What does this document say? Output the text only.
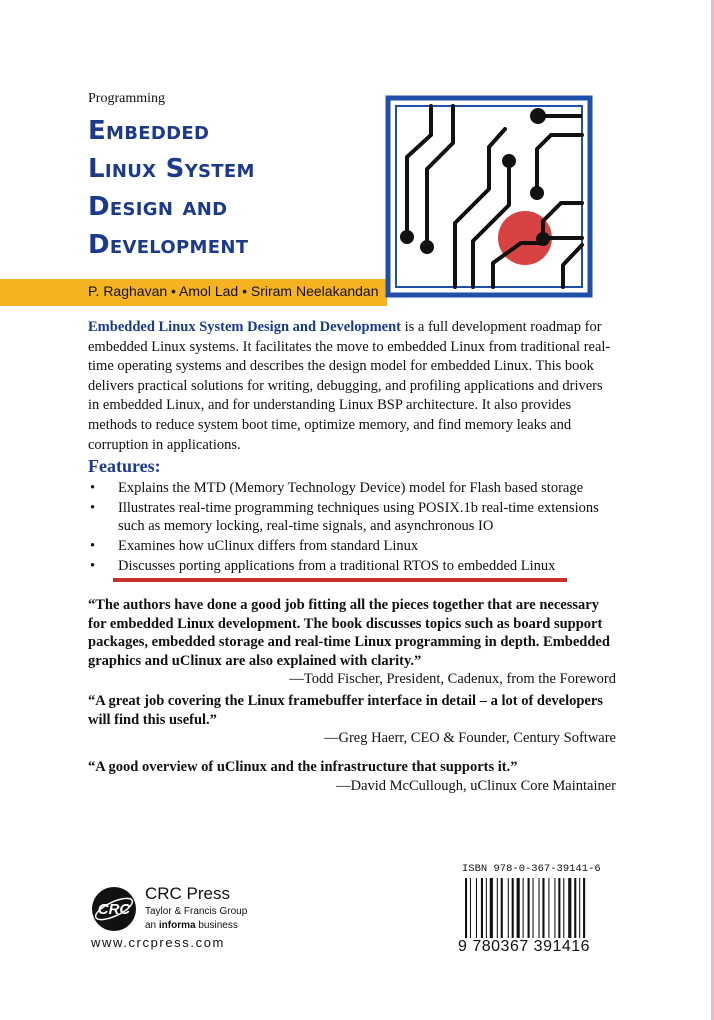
Programming
Embedded
Linux System
Design and
Development
P. Raghavan • Amol Lad • Sriram Neelakandan

Embedded Linux System Design and Development is a full development roadmap for embedded Linux systems. It facilitates the move to embedded Linux from traditional real-time operating systems and describes the design model for embedded Linux. This book delivers practical solutions for writing, debugging, and profiling applications and drivers in embedded Linux, and for understanding Linux BSP architecture. It also provides methods to reduce system boot time, optimize memory, and find memory leaks and corruption in applications.

Features:
• Explains the MTD (Memory Technology Device) model for Flash based storage
• Illustrates real-time programming techniques using POSIX.1b real-time extensions such as memory locking, real-time signals, and asynchronous IO
• Examines how uClinux differs from standard Linux
• Discusses porting applications from a traditional RTOS to embedded Linux

“The authors have done a good job fitting all the pieces together that are necessary for embedded Linux development. The book discusses topics such as board support packages, embedded storage and real-time Linux programming in depth. Embedded graphics and uClinux are also explained with clarity.”

—Todd Fischer, President, Cadenux, from the Foreword

“A great job covering the Linux framebuffer interface in detail – a lot of developers will find this useful.”

—Greg Haerr, CEO & Founder, Century Software

“A good overview of uClinux and the infrastructure that supports it.”

—David McCullough, uClinux Core Maintainer

CRC

CRC Press

Taylor & Francis Group

an informa business

www.crcpress.com

ISBN 978-0-367-39141-6

9 780367 391416
